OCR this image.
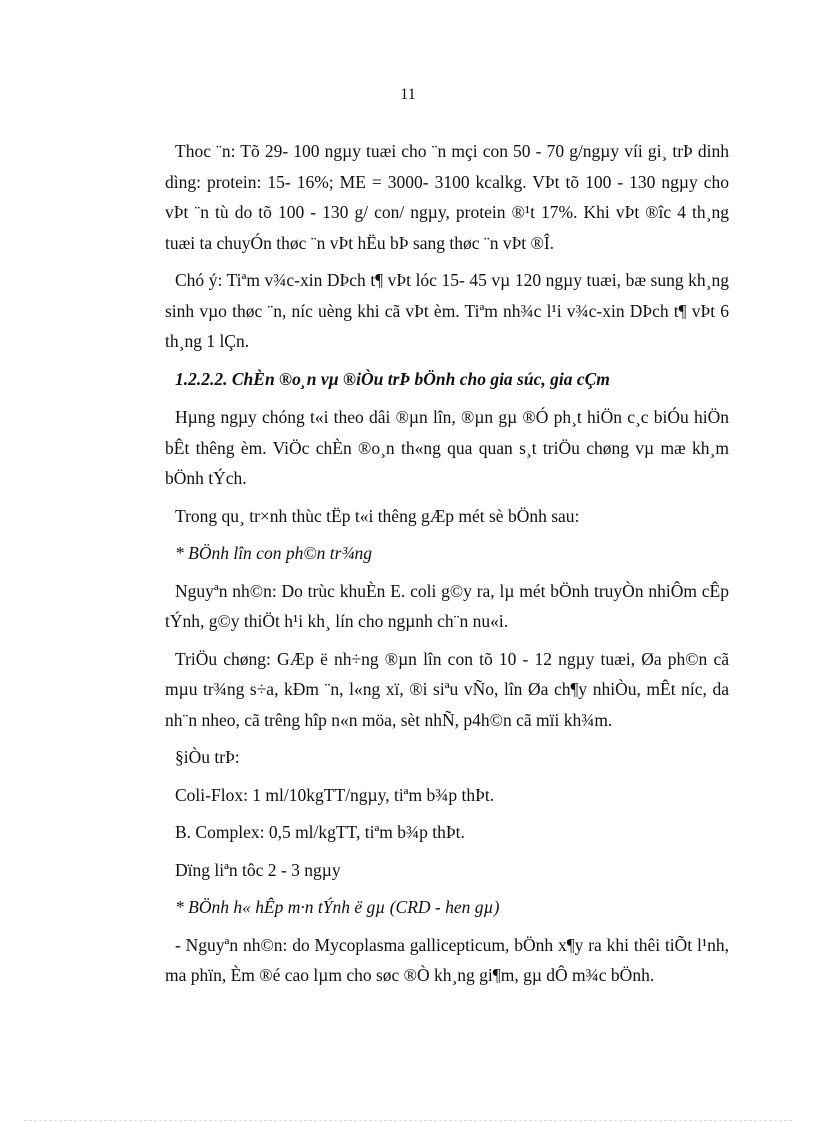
11

Thoc ¨n: Tõ 29- 100 ngµy tuæi cho ¨n mçi con 50 - 70 g/ngµy víi gi¸ trÞ dinh dìng: protein: 15- 16%; ME = 3000- 3100 kcalkg. VÞt tõ 100 - 130 ngµy cho vÞt ¨n tù do tõ 100 - 130 g/ con/ ngµy, protein ®¹t 17%. Khi vÞt ®îc 4 th¸ng tuæi ta chuyÓn thøc ¨n vÞt hËu bÞ sang thøc ¨n vÞt ®Î.

Chó ý: Tiªm v¾c-xin DÞch t¶ vÞt lóc 15- 45 vµ 120 ngµy tuæi, bæ sung kh¸ng sinh vµo thøc ¨n, níc uèng khi cã vÞt èm. Tiªm nh¾c l¹i v¾c-xin DÞch t¶ vÞt 6 th¸ng 1 lÇn.

1.2.2.2. ChÈn ®o¸n vµ ®iÒu trÞ bÖnh cho gia súc, gia cÇm

Hµng ngµy chóng t«i theo dâi ®µn lîn, ®µn gµ ®Ó ph¸t hiÖn c¸c biÓu hiÖn bÊt thêng èm. ViÖc chÈn ®o¸n th«ng qua quan s¸t triÖu chøng vµ mæ kh¸m bÖnh tÝch.

Trong qu¸ tr×nh thùc tËp t«i thêng gÆp mét sè bÖnh sau:

* BÖnh lîn con ph©n tr¾ng

Nguyªn nh©n: Do trùc khuÈn E. coli g©y ra, lµ mét bÖnh truyÒn nhiÔm cÊp tÝnh, g©y thiÖt h¹i kh¸ lín cho ngµnh ch¨n nu«i.

TriÖu chøng: GÆp ë nh÷ng ®µn lîn con tõ 10 - 12 ngµy tuæi, Øa ph©n cã mµu tr¾ng s÷a, kÐm ¨n, l«ng xï, ®i siªu vÑo, lîn Øa ch¶y nhiÒu, mÊt níc, da nh¨n nheo, cã trêng hîp n«n möa, sèt nhÑ, p4h©n cã mïi kh¾m.

§iÒu trÞ:

Coli-Flox: 1 ml/10kgTT/ngµy, tiªm b¾p thÞt.

B. Complex: 0,5 ml/kgTT, tiªm b¾p thÞt.

Dïng liªn tôc 2 - 3 ngµy

* BÖnh h« hÊp m·n tÝnh ë gµ (CRD - hen gµ)

- Nguyªn nh©n: do Mycoplasma gallicepticum, bÖnh x¶y ra khi thêi tiÕt l¹nh, ma phïn, Èm ®é cao lµm cho søc ®Ò kh¸ng gi¶m, gµ dÔ m¾c bÖnh.
